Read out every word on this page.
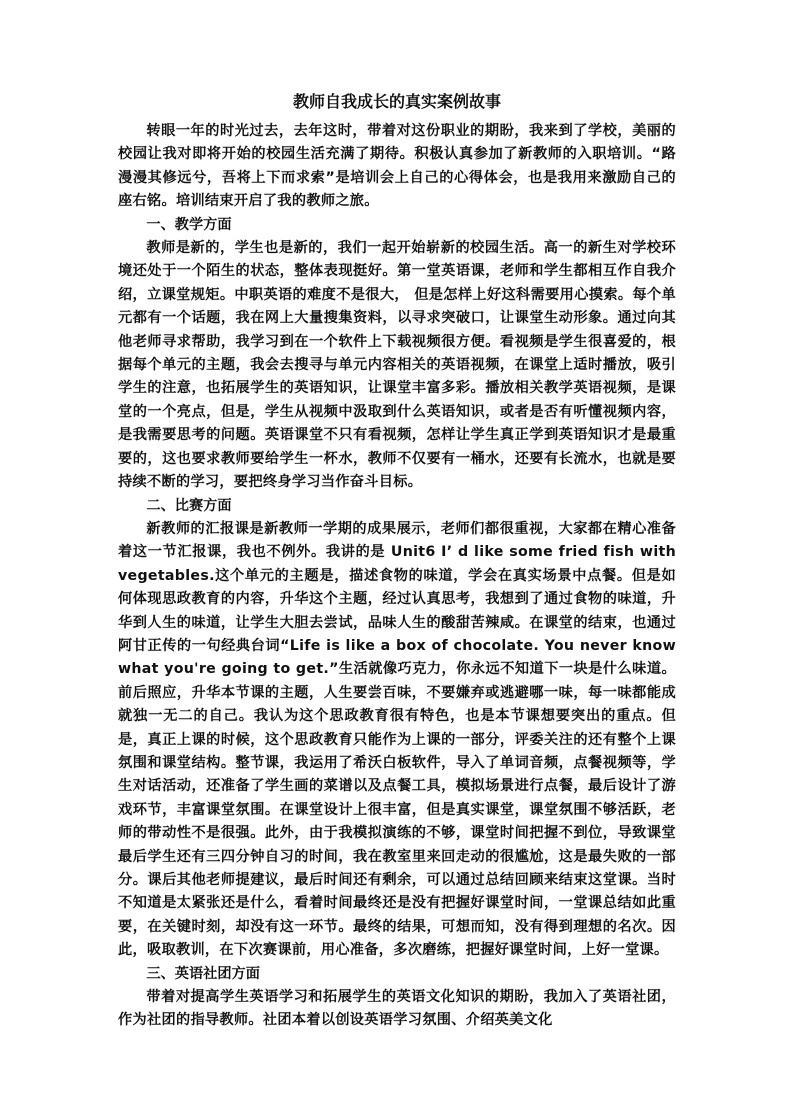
教师自我成长的真实案例故事

转眼一年的时光过去，去年这时，带着对这份职业的期盼，我来到了学校，美丽的校园让我对即将开始的校园生活充满了期待。积极认真参加了新教师的入职培训。“路漫漫其修远兮，吾将上下而求索”是培训会上自己的心得体会，也是我用来激励自己的座右铭。培训结束开启了我的教师之旅。

一、教学方面

教师是新的，学生也是新的，我们一起开始崭新的校园生活。高一的新生对学校环境还处于一个陌生的状态，整体表现挺好。第一堂英语课，老师和学生都相互作自我介绍，立课堂规矩。中职英语的难度不是很大， 但是怎样上好这科需要用心摸索。每个单元都有一个话题，我在网上大量搜集资料，以寻求突破口，让课堂生动形象。通过向其他老师寻求帮助，我学习到在一个软件上下载视频很方便。看视频是学生很喜爱的，根据每个单元的主题，我会去搜寻与单元内容相关的英语视频，在课堂上适时播放，吸引学生的注意，也拓展学生的英语知识，让课堂丰富多彩。播放相关教学英语视频，是课堂的一个亮点，但是，学生从视频中汲取到什么英语知识，或者是否有听懂视频内容，是我需要思考的问题。英语课堂不只有看视频，怎样让学生真正学到英语知识才是最重要的，这也要求教师要给学生一杯水，教师不仅要有一桶水，还要有长流水，也就是要持续不断的学习，要把终身学习当作奋斗目标。

二、比赛方面

新教师的汇报课是新教师一学期的成果展示，老师们都很重视，大家都在精心准备着这一节汇报课，我也不例外。我讲的是 Unit6 I’ d like some fried fish with vegetables.这个单元的主题是，描述食物的味道，学会在真实场景中点餐。但是如何体现思政教育的内容，升华这个主题，经过认真思考，我想到了通过食物的味道，升华到人生的味道，让学生大胆去尝试，品味人生的酸甜苦辣咸。在课堂的结束，也通过阿甘正传的一句经典台词“Life is like a box of chocolate. You never know what you're going to get.”生活就像巧克力，你永远不知道下一块是什么味道。前后照应，升华本节课的主题，人生要尝百味，不要嫌弃或逃避哪一味，每一味都能成就独一无二的自己。我认为这个思政教育很有特色，也是本节课想要突出的重点。但是，真正上课的时候，这个思政教育只能作为上课的一部分，评委关注的还有整个上课氛围和课堂结构。整节课，我运用了希沃白板软件，导入了单词音频，点餐视频等，学生对话活动，还准备了学生画的菜谱以及点餐工具，模拟场景进行点餐，最后设计了游戏环节，丰富课堂氛围。在课堂设计上很丰富，但是真实课堂，课堂氛围不够活跃，老师的带动性不是很强。此外，由于我模拟演练的不够，课堂时间把握不到位，导致课堂最后学生还有三四分钟自习的时间，我在教室里来回走动的很尴尬，这是最失败的一部分。课后其他老师提建议，最后时间还有剩余，可以通过总结回顾来结束这堂课。当时不知道是太紧张还是什么，看着时间最终还是没有把握好课堂时间，一堂课总结如此重要，在关键时刻，却没有这一环节。最终的结果，可想而知，没有得到理想的名次。因此，吸取教训，在下次赛课前，用心准备，多次磨练，把握好课堂时间，上好一堂课。

三、英语社团方面

带着对提高学生英语学习和拓展学生的英语文化知识的期盼，我加入了英语社团，作为社团的指导教师。社团本着以创设英语学习氛围、介绍英美文化
